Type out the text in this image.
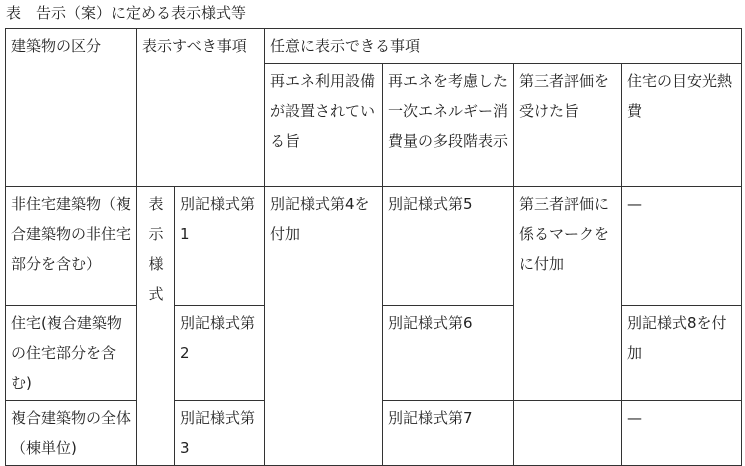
表　告示（案）に定める表示様式等
建築物の区分	表示すべき事項		任意に表示できる事項			
			再エネ利用設備が設置されている旨	再エネを考慮した一次エネルギー消費量の多段階表示	第三者評価を受けた旨	住宅の目安光熱費
非住宅建築物（複合建築物の非住宅部分を含む）	表示様式	別記様式第1	別記様式第4を付加	別記様式第5	第三者評価に係るマークをに付加	—
住宅(複合建築物の住宅部分を含む)		別記様式第2		別記様式第6		別記様式8を付加
複合建築物の全体（棟単位)		別記様式第3		別記様式第7		—
